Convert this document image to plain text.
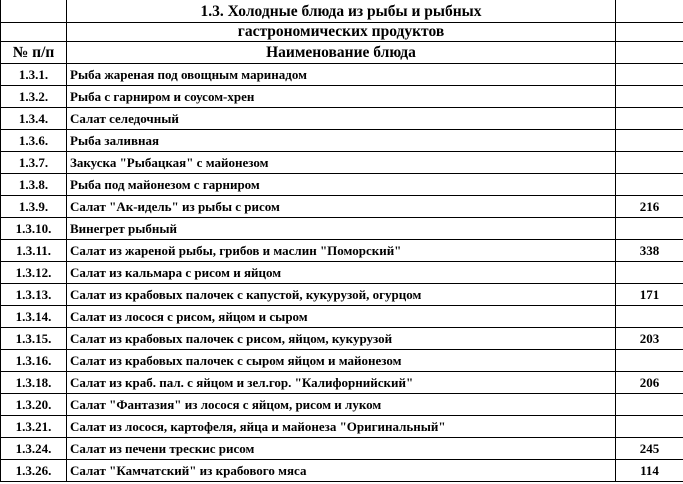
	1.3. Холодные блюда из рыбы и рыбных	
	гастрономических продуктов	
№ п/п	Наименование блюда	
1.3.1.	Рыба жареная под овощным маринадом	
1.3.2.	Рыба с гарниром и соусом-хрен	
1.3.4.	Салат селедочный	
1.3.6.	Рыба заливная	
1.3.7.	Закуска "Рыбацкая" с майонезом	
1.3.8.	Рыба под майонезом с гарниром	
1.3.9.	Салат "Ак-идель" из рыбы с рисом	216
1.3.10.	Винегрет рыбный	
1.3.11.	Салат из жареной рыбы, грибов и маслин "Поморский"	338
1.3.12.	Салат из кальмара с рисом и яйцом	
1.3.13.	Салат из крабовых палочек с капустой, кукурузой, огурцом	171
1.3.14.	Салат из лосося с рисом, яйцом и сыром	
1.3.15.	Салат из крабовых палочек с рисом, яйцом, кукурузой	203
1.3.16.	Салат из крабовых палочек с сыром яйцом и майонезом	
1.3.18.	Салат из краб. пал. с яйцом и зел.гор. "Калифорнийский"	206
1.3.20.	Салат "Фантазия" из лосося с яйцом, рисом и луком	
1.3.21.	Салат из лосося, картофеля, яйца и майонеза "Оригинальный"	
1.3.24.	Салат из печени трескис рисом	245
1.3.26.	Салат "Камчатский" из крабового мяса	114
